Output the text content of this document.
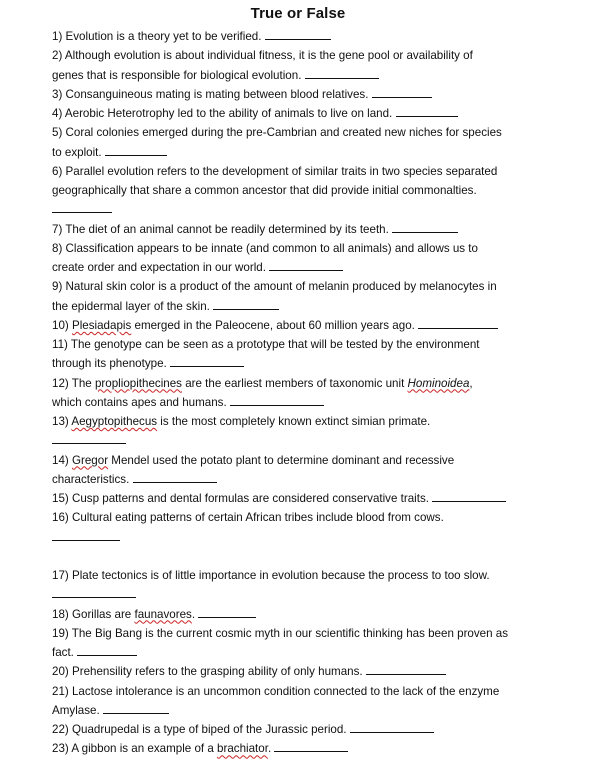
True or False
1) Evolution is a theory yet to be verified.
2) Although evolution is about individual fitness, it is the gene pool or availability of
genes that is responsible for biological evolution.
3) Consanguineous mating is mating between blood relatives.
4) Aerobic Heterotrophy led to the ability of animals to live on land.
5) Coral colonies emerged during the pre-Cambrian and created new niches for species
to exploit.
6) Parallel evolution refers to the development of similar traits in two species separated
geographically that share a common ancestor that did provide initial commonalties.
7) The diet of an animal cannot be readily determined by its teeth.
8) Classification appears to be innate (and common to all animals) and allows us to
create order and expectation in our world.
9) Natural skin color is a product of the amount of melanin produced by melanocytes in
the epidermal layer of the skin.
10) Plesiadapis emerged in the Paleocene, about 60 million years ago.
11) The genotype can be seen as a prototype that will be tested by the environment
through its phenotype.
12) The propliopithecines are the earliest members of taxonomic unit Hominoidea,
which contains apes and humans.
13) Aegyptopithecus is the most completely known extinct simian primate.
14) Gregor Mendel used the potato plant to determine dominant and recessive
characteristics.
15) Cusp patterns and dental formulas are considered conservative traits.
16) Cultural eating patterns of certain African tribes include blood from cows.
17) Plate tectonics is of little importance in evolution because the process to too slow.
18) Gorillas are faunavores.
19) The Big Bang is the current cosmic myth in our scientific thinking has been proven as
fact.
20) Prehensility refers to the grasping ability of only humans.
21) Lactose intolerance is an uncommon condition connected to the lack of the enzyme
Amylase.
22) Quadrupedal is a type of biped of the Jurassic period.
23) A gibbon is an example of a brachiator.
